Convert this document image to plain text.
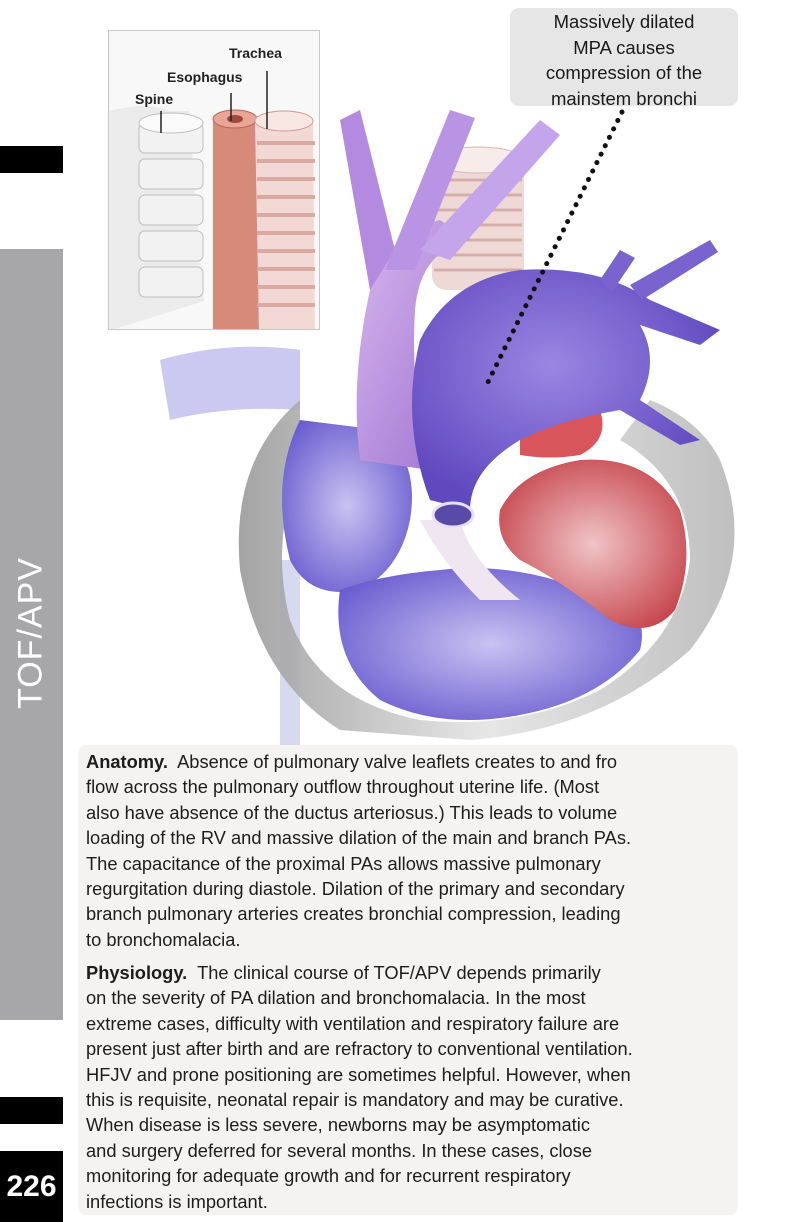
TOF/APV
226
Trachea
Esophagus
Spine
Massively dilated
MPA causes
compression of the
mainstem bronchi
Anatomy. Absence of pulmonary valve leaflets creates to and fro
flow across the pulmonary outflow throughout uterine life. (Most
also have absence of the ductus arteriosus.) This leads to volume
loading of the RV and massive dilation of the main and branch PAs.
The capacitance of the proximal PAs allows massive pulmonary
regurgitation during diastole. Dilation of the primary and secondary
branch pulmonary arteries creates bronchial compression, leading
to bronchomalacia.
Physiology. The clinical course of TOF/APV depends primarily
on the severity of PA dilation and bronchomalacia. In the most
extreme cases, difficulty with ventilation and respiratory failure are
present just after birth and are refractory to conventional ventilation.
HFJV and prone positioning are sometimes helpful. However, when
this is requisite, neonatal repair is mandatory and may be curative.
When disease is less severe, newborns may be asymptomatic
and surgery deferred for several months. In these cases, close
monitoring for adequate growth and for recurrent respiratory
infections is important.
